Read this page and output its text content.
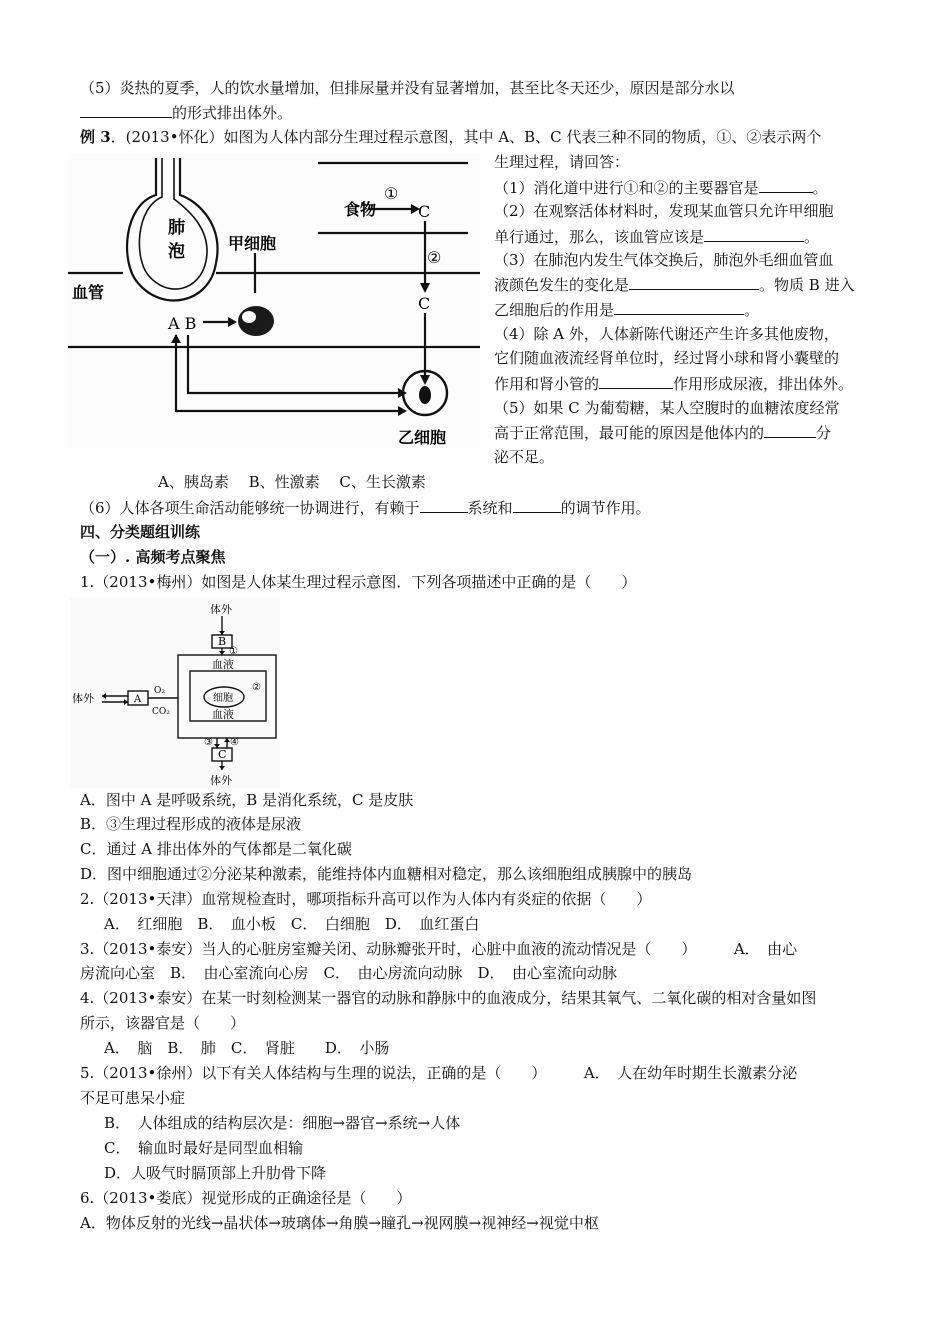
（5）炎热的夏季，人的饮水量增加，但排尿量并没有显著增加，甚至比冬天还少，原因是部分水以
的形式排出体外。
例 3．(2013•怀化）如图为人体内部分生理过程示意图，其中 A、B、C 代表三种不同的物质，①、②表示两个
①
②
食物	C
C
肺
泡	甲细胞
血管
A B
乙细胞
生理过程，请回答：
（1）消化道中进行①和②的主要器官是	。
（2）在观察活体材料时，发现某血管只允许甲细胞
单行通过，那么，该血管应该是	。
（3）在肺泡内发生气体交换后，肺泡外毛细血管血
液颜色发生的变化是	。物质 B 进入
乙细胞后的作用是	。
（4）除 A 外，人体新陈代谢还产生许多其他废物，
它们随血液流经肾单位时，经过肾小球和肾小囊壁的
作用和肾小管的	作用形成尿液，排出体外。
（5）如果 C 为葡萄糖，某人空腹时的血糖浓度经常
高于正常范围，最可能的原因是他体内的	分
泌不足。
A、胰岛素　 B、性激素　 C、生长激素
（6）人体各项生命活动能够统一协调进行，有赖于	系统和	的调节作用。
四、分类题组训练
（一）. 高频考点聚焦
1.（2013•梅州）如图是人体某生理过程示意图．下列各项描述中正确的是（　　）
体外
B
①
血液
②
细胞
血液
③ ④
C
体外
体外	A
O₂
CO₂
A．图中 A 是呼吸系统，B 是消化系统，C 是皮肤
B．③生理过程形成的液体是尿液
C．通过 A 排出体外的气体都是二氧化碳
D．图中细胞通过②分泌某种激素，能维持体内血糖相对稳定，那么该细胞组成胰腺中的胰岛
2.（2013•天津）血常规检查时，哪项指标升高可以作为人体内有炎症的依据（　　）
A．　红细胞　B．　血小板　C．　白细胞　D．　血红蛋白
3.（2013•泰安）当人的心脏房室瓣关闭、动脉瓣张开时，心脏中血液的流动情况是（　　）　　　A．　由心
房流向心室　B．　由心室流向心房　C．　由心房流向动脉　D．　由心室流向动脉
4.（2013•泰安）在某一时刻检测某一器官的动脉和静脉中的血液成分，结果其氧气、二氧化碳的相对含量如图
所示，该器官是（　　）
A．　脑　B．　肺　C．　肾脏　　D．　小肠
5.（2013•徐州）以下有关人体结构与生理的说法，正确的是（　　）　　　A．　人在幼年时期生长激素分泌
不足可患呆小症
B．　人体组成的结构层次是：细胞→器官→系统→人体
C．　输血时最好是同型血相输
D．人吸气时膈顶部上升肋骨下降
6.（2013•娄底）视觉形成的正确途径是（　　）
A．物体反射的光线→晶状体→玻璃体→角膜→瞳孔→视网膜→视神经→视觉中枢
